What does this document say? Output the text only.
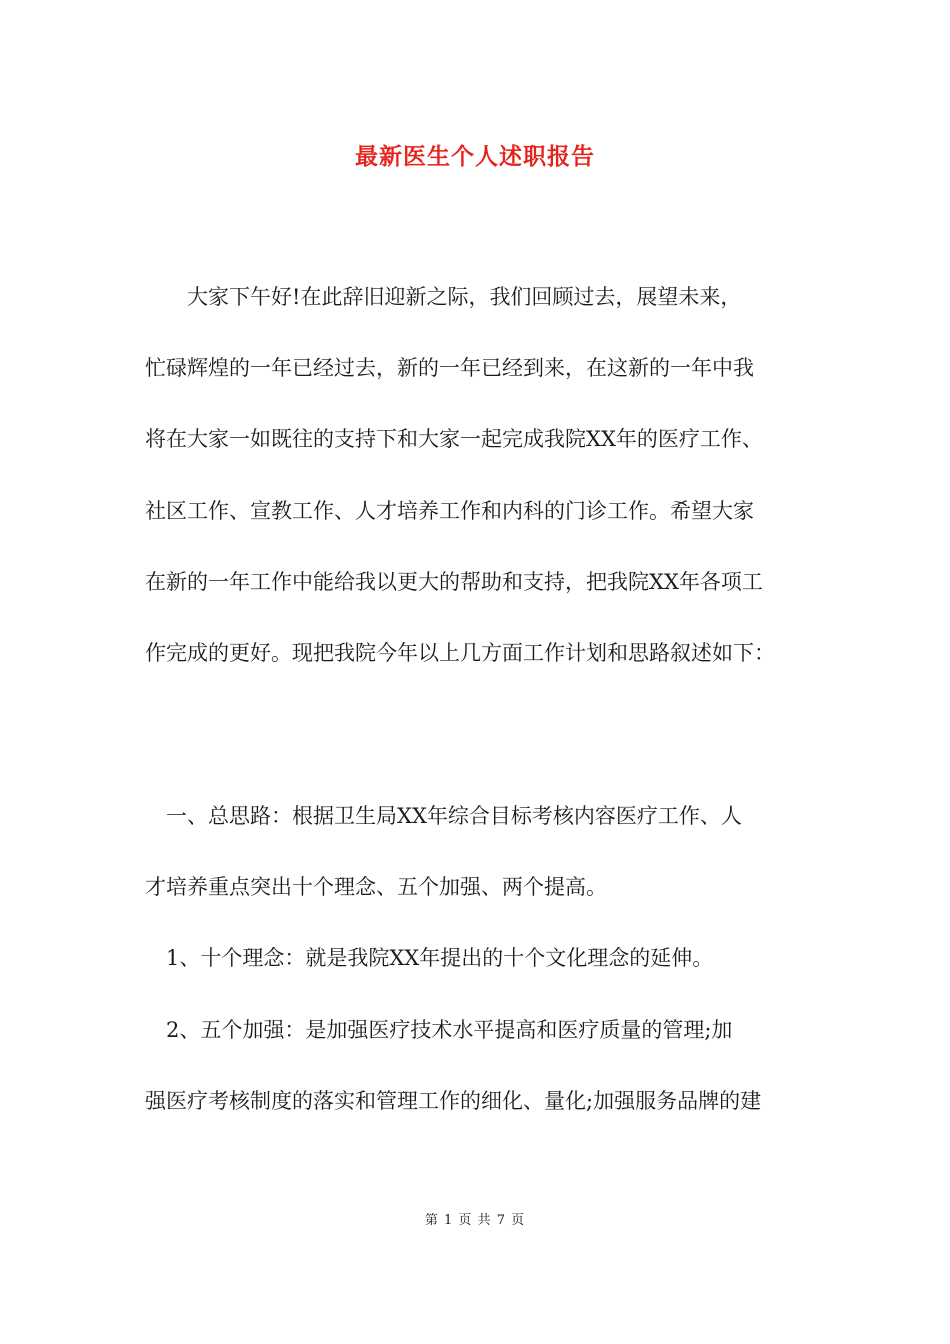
最新医生个人述职报告
　　大家下午好!在此辞旧迎新之际，我们回顾过去，展望未来，
忙碌辉煌的一年已经过去，新的一年已经到来，在这新的一年中我
将在大家一如既往的支持下和大家一起完成我院XX年的医疗工作、
社区工作、宣教工作、人才培养工作和内科的门诊工作。希望大家
在新的一年工作中能给我以更大的帮助和支持，把我院XX年各项工
作完成的更好。现把我院今年以上几方面工作计划和思路叙述如下：
　一、总思路：根据卫生局XX年综合目标考核内容医疗工作、人
才培养重点突出十个理念、五个加强、两个提高。
　1、十个理念：就是我院XX年提出的十个文化理念的延伸。
　2、五个加强：是加强医疗技术水平提高和医疗质量的管理;加
强医疗考核制度的落实和管理工作的细化、量化;加强服务品牌的建
第 1 页 共 7 页
